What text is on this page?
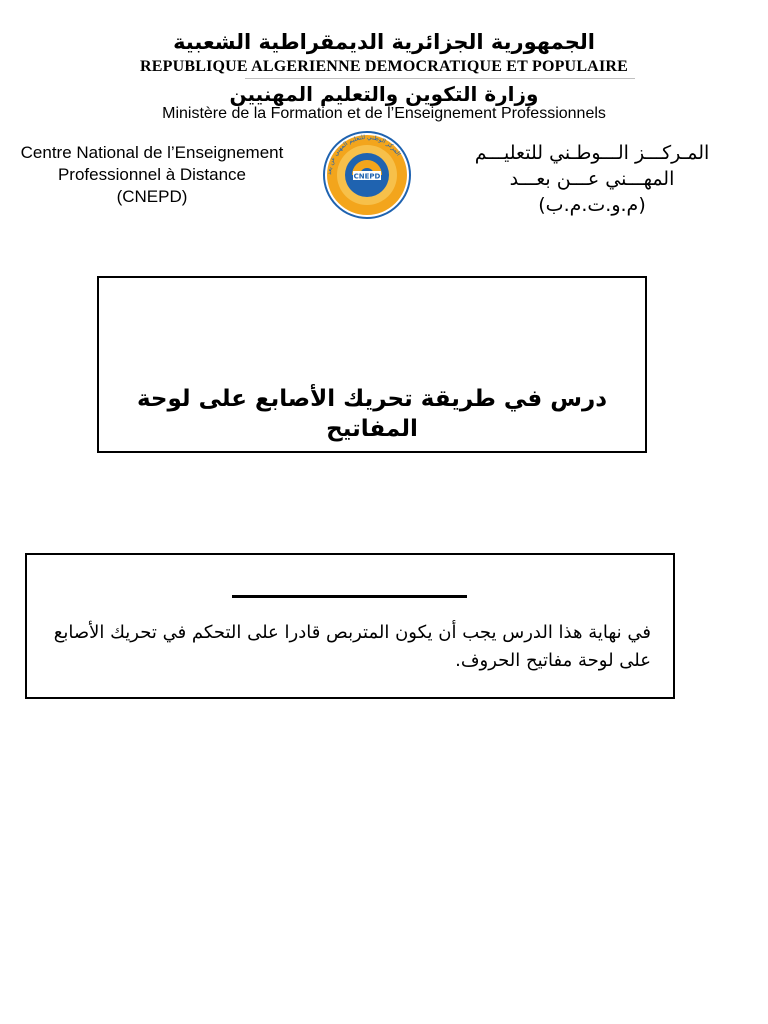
الجمهورية الجزائرية الديمقراطية الشعبية
REPUBLIQUE ALGERIENNE DEMOCRATIQUE ET POPULAIRE
وزارة التكوين والتعليم المهنيين
Ministère de la Formation et de l’Enseignement Professionnels
Centre National de l’Enseignement
Professionnel à Distance
(CNEPD)
CNEPD
المركز الوطني للتعليم المهني عن بعد	المـركـــز الـــوطـني للتعليـــم
المهـــني عـــن بعـــد
(م.و.ت.م.ب)
درس في طريقة تحريك الأصابع على لوحة المفاتيح
في نهاية هذا الدرس يجب أن يكون المتربص قادرا على التحكم في تحريك الأصابع على لوحة مفاتيح الحروف.
